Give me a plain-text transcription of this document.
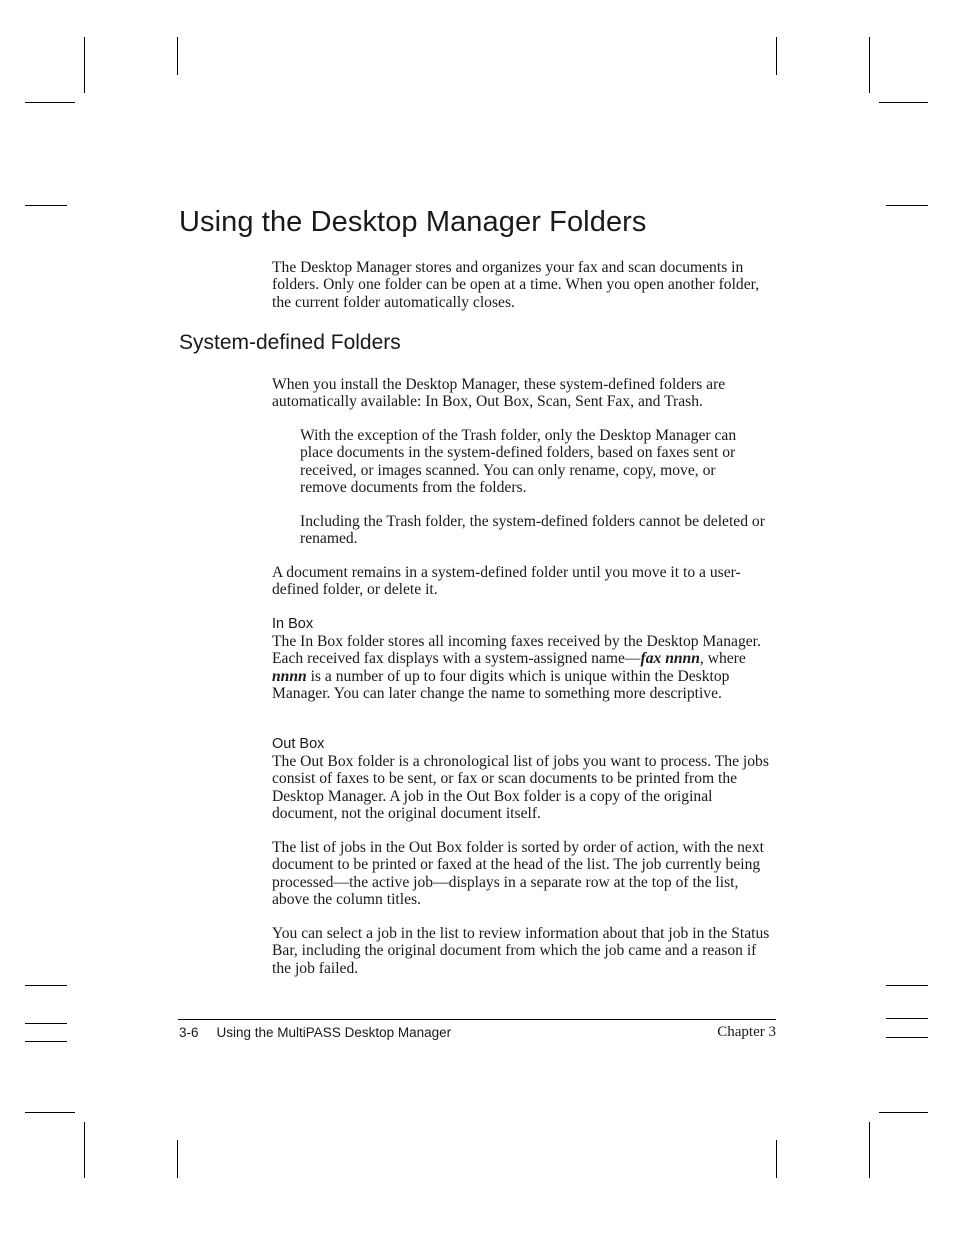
Using the Desktop Manager Folders

The Desktop Manager stores and organizes your fax and scan documents in folders. Only one folder can be open at a time. When you open another folder, the current folder automatically closes.

System-defined Folders

When you install the Desktop Manager, these system-defined folders are automatically available: In Box, Out Box, Scan, Sent Fax, and Trash.

With the exception of the Trash folder, only the Desktop Manager can place documents in the system-defined folders, based on faxes sent or received, or images scanned. You can only rename, copy, move, or remove documents from the folders.

Including the Trash folder, the system-defined folders cannot be deleted or renamed.

A document remains in a system-defined folder until you move it to a user-defined folder, or delete it.

In Box

The In Box folder stores all incoming faxes received by the Desktop Manager. Each received fax displays with a system-assigned name—fax nnnn, where nnnn is a number of up to four digits which is unique within the Desktop Manager. You can later change the name to something more descriptive.

Out Box

The Out Box folder is a chronological list of jobs you want to process. The jobs consist of faxes to be sent, or fax or scan documents to be printed from the Desktop Manager. A job in the Out Box folder is a copy of the original document, not the original document itself.

The list of jobs in the Out Box folder is sorted by order of action, with the next document to be printed or faxed at the head of the list. The job currently being processed—the active job—displays in a separate row at the top of the list, above the column titles.

You can select a job in the list to review information about that job in the Status Bar, including the original document from which the job came and a reason if the job failed.

3-6 Using the MultiPASS Desktop Manager	Chapter 3
